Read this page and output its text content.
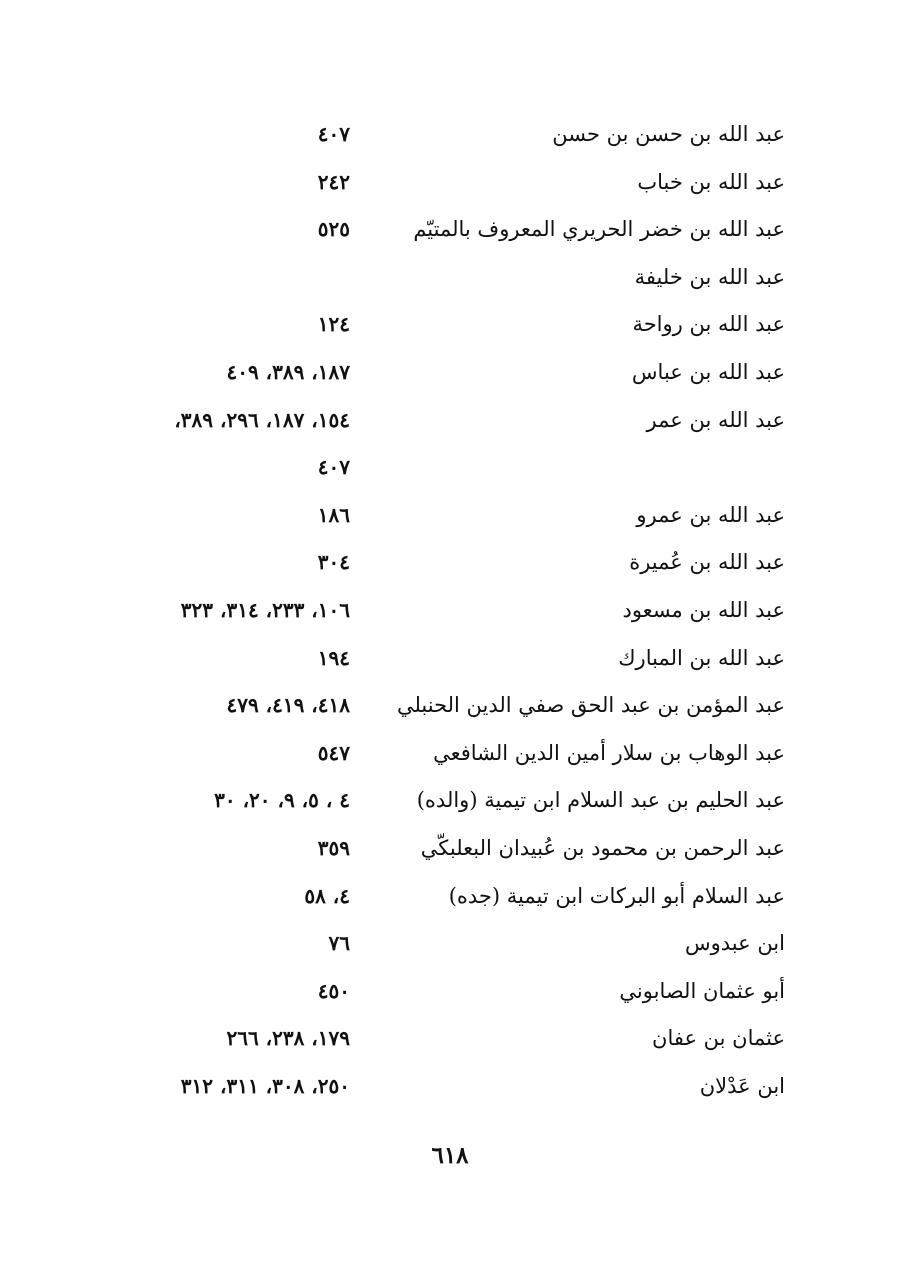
عبد الله بن حسن بن حسن
٤٠٧
عبد الله بن خباب
٢٤٢
عبد الله بن خضر الحريري المعروف بالمتيّم
٥٢٥
عبد الله بن خليفة
عبد الله بن رواحة
١٢٤
عبد الله بن عباس
١٨٧، ٣٨٩، ٤٠٩
عبد الله بن عمر
١٥٤، ١٨٧، ٢٩٦، ٣٨٩،
٤٠٧
عبد الله بن عمرو
١٨٦
عبد الله بن عُميرة
٣٠٤
عبد الله بن مسعود
١٠٦، ٢٣٣، ٣١٤، ٣٢٣
عبد الله بن المبارك
١٩٤
عبد المؤمن بن عبد الحق صفي الدين الحنبلي
٤١٨، ٤١٩، ٤٧٩
عبد الوهاب بن سلار أمين الدين الشافعي
٥٤٧
عبد الحليم بن عبد السلام ابن تيمية (والده)
٤ ، ٥، ٩، ٢٠، ٣٠
عبد الرحمن بن محمود بن عُبيدان البعلبكّي
٣٥٩
عبد السلام أبو البركات ابن تيمية (جده)
٤، ٥٨
ابن عبدوس
٧٦
أبو عثمان الصابوني
٤٥٠
عثمان بن عفان
١٧٩، ٢٣٨، ٢٦٦
ابن عَدْلان
٢٥٠، ٣٠٨، ٣١١، ٣١٢
٦١٨
